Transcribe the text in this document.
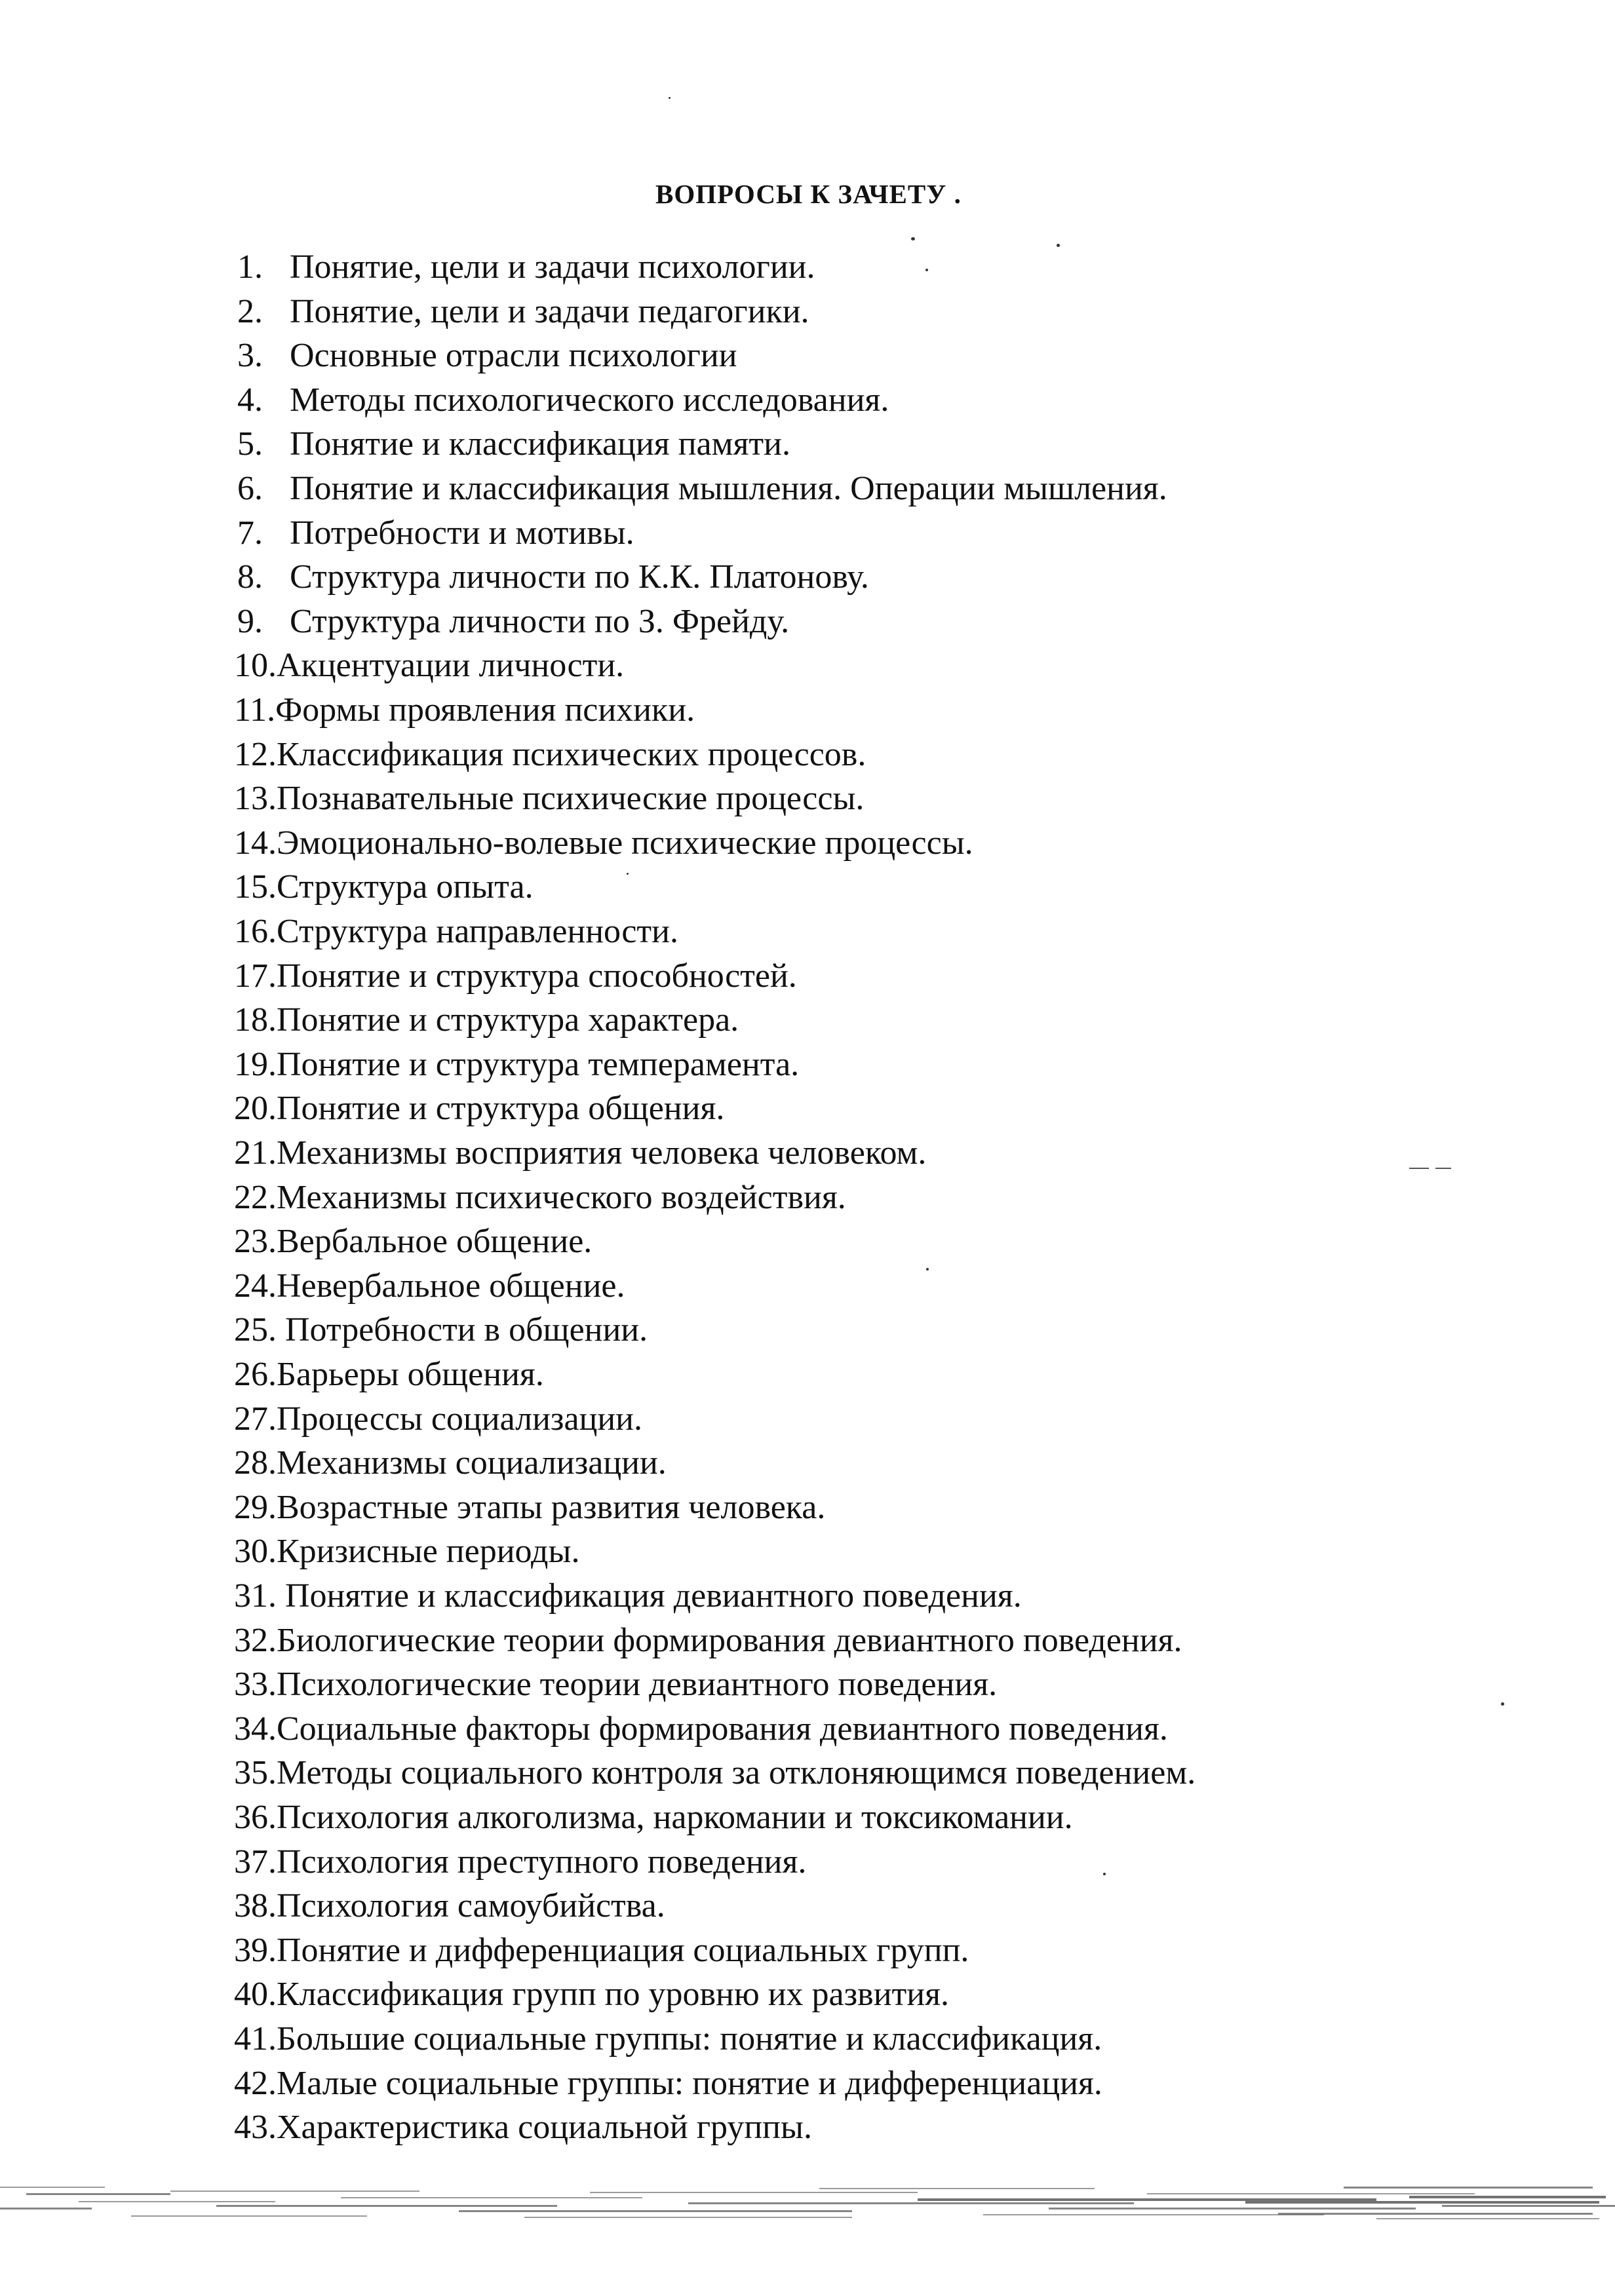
ВОПРОСЫ К ЗАЧЕТУ .
1. Понятие, цели и задачи психологии.
2. Понятие, цели и задачи педагогики.
3. Основные отрасли психологии
4. Методы психологического исследования.
5. Понятие и классификация памяти.
6. Понятие и классификация мышления. Операции мышления.
7. Потребности и мотивы.
8. Структура личности по К.К. Платонову.
9. Структура личности по З. Фрейду.
10.Акцентуации личности.
11.Формы проявления психики.
12.Классификация психических процессов.
13.Познавательные психические процессы.
14.Эмоционально-волевые психические процессы.
15.Структура опыта.
16.Структура направленности.
17.Понятие и структура способностей.
18.Понятие и структура характера.
19.Понятие и структура темперамента.
20.Понятие и структура общения.
21.Механизмы восприятия человека человеком.
22.Механизмы психического воздействия.
23.Вербальное общение.
24.Невербальное общение.
25. Потребности в общении.
26.Барьеры общения.
27.Процессы социализации.
28.Механизмы социализации.
29.Возрастные этапы развития человека.
30.Кризисные периоды.
31. Понятие и классификация девиантного поведения.
32.Биологические теории формирования девиантного поведения.
33.Психологические теории девиантного поведения.
34.Социальные факторы формирования девиантного поведения.
35.Методы социального контроля за отклоняющимся поведением.
36.Психология алкоголизма, наркомании и токсикомании.
37.Психология преступного поведения.
38.Психология самоубийства.
39.Понятие и дифференциация социальных групп.
40.Классификация групп по уровню их развития.
41.Большие социальные группы: понятие и классификация.
42.Малые социальные группы: понятие и дифференциация.
43.Характеристика социальной группы.
